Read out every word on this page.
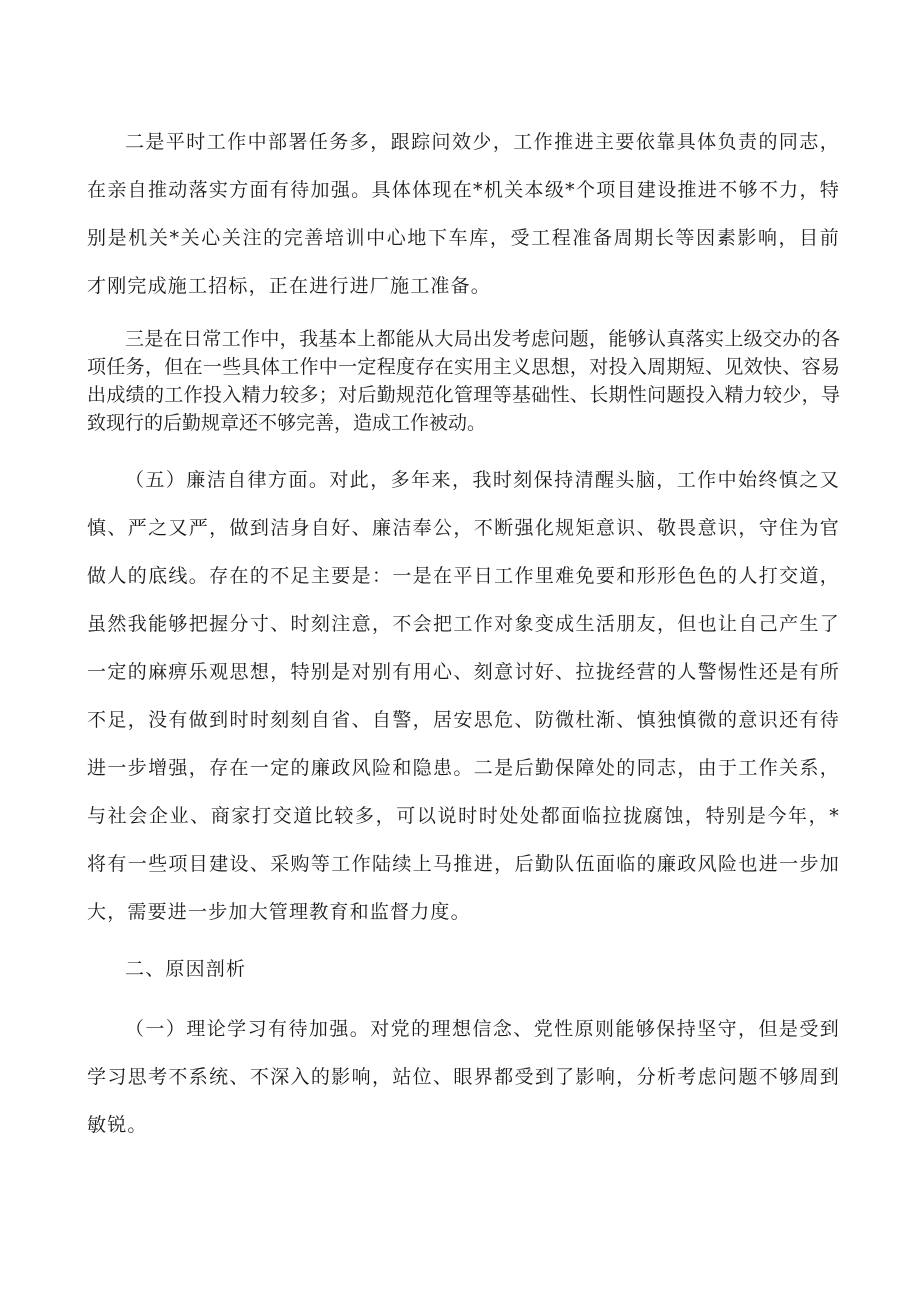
二是平时工作中部署任务多，跟踪问效少，工作推进主要依靠具体负责的同志，在亲自推动落实方面有待加强。具体体现在*机关本级*个项目建设推进不够不力，特别是机关*关心关注的完善培训中心地下车库，受工程准备周期长等因素影响，目前才刚完成施工招标，正在进行进厂施工准备。

三是在日常工作中，我基本上都能从大局出发考虑问题，能够认真落实上级交办的各项任务，但在一些具体工作中一定程度存在实用主义思想，对投入周期短、见效快、容易出成绩的工作投入精力较多；对后勤规范化管理等基础性、长期性问题投入精力较少，导致现行的后勤规章还不够完善，造成工作被动。

（五）廉洁自律方面。对此，多年来，我时刻保持清醒头脑，工作中始终慎之又慎、严之又严，做到洁身自好、廉洁奉公，不断强化规矩意识、敬畏意识，守住为官做人的底线。存在的不足主要是：一是在平日工作里难免要和形形色色的人打交道，虽然我能够把握分寸、时刻注意，不会把工作对象变成生活朋友，但也让自己产生了一定的麻痹乐观思想，特别是对别有用心、刻意讨好、拉拢经营的人警惕性还是有所不足，没有做到时时刻刻自省、自警，居安思危、防微杜渐、慎独慎微的意识还有待进一步增强，存在一定的廉政风险和隐患。二是后勤保障处的同志，由于工作关系，与社会企业、商家打交道比较多，可以说时时处处都面临拉拢腐蚀，特别是今年，*将有一些项目建设、采购等工作陆续上马推进，后勤队伍面临的廉政风险也进一步加大，需要进一步加大管理教育和监督力度。

二、原因剖析

（一）理论学习有待加强。对党的理想信念、党性原则能够保持坚守，但是受到学习思考不系统、不深入的影响，站位、眼界都受到了影响，分析考虑问题不够周到敏锐。
